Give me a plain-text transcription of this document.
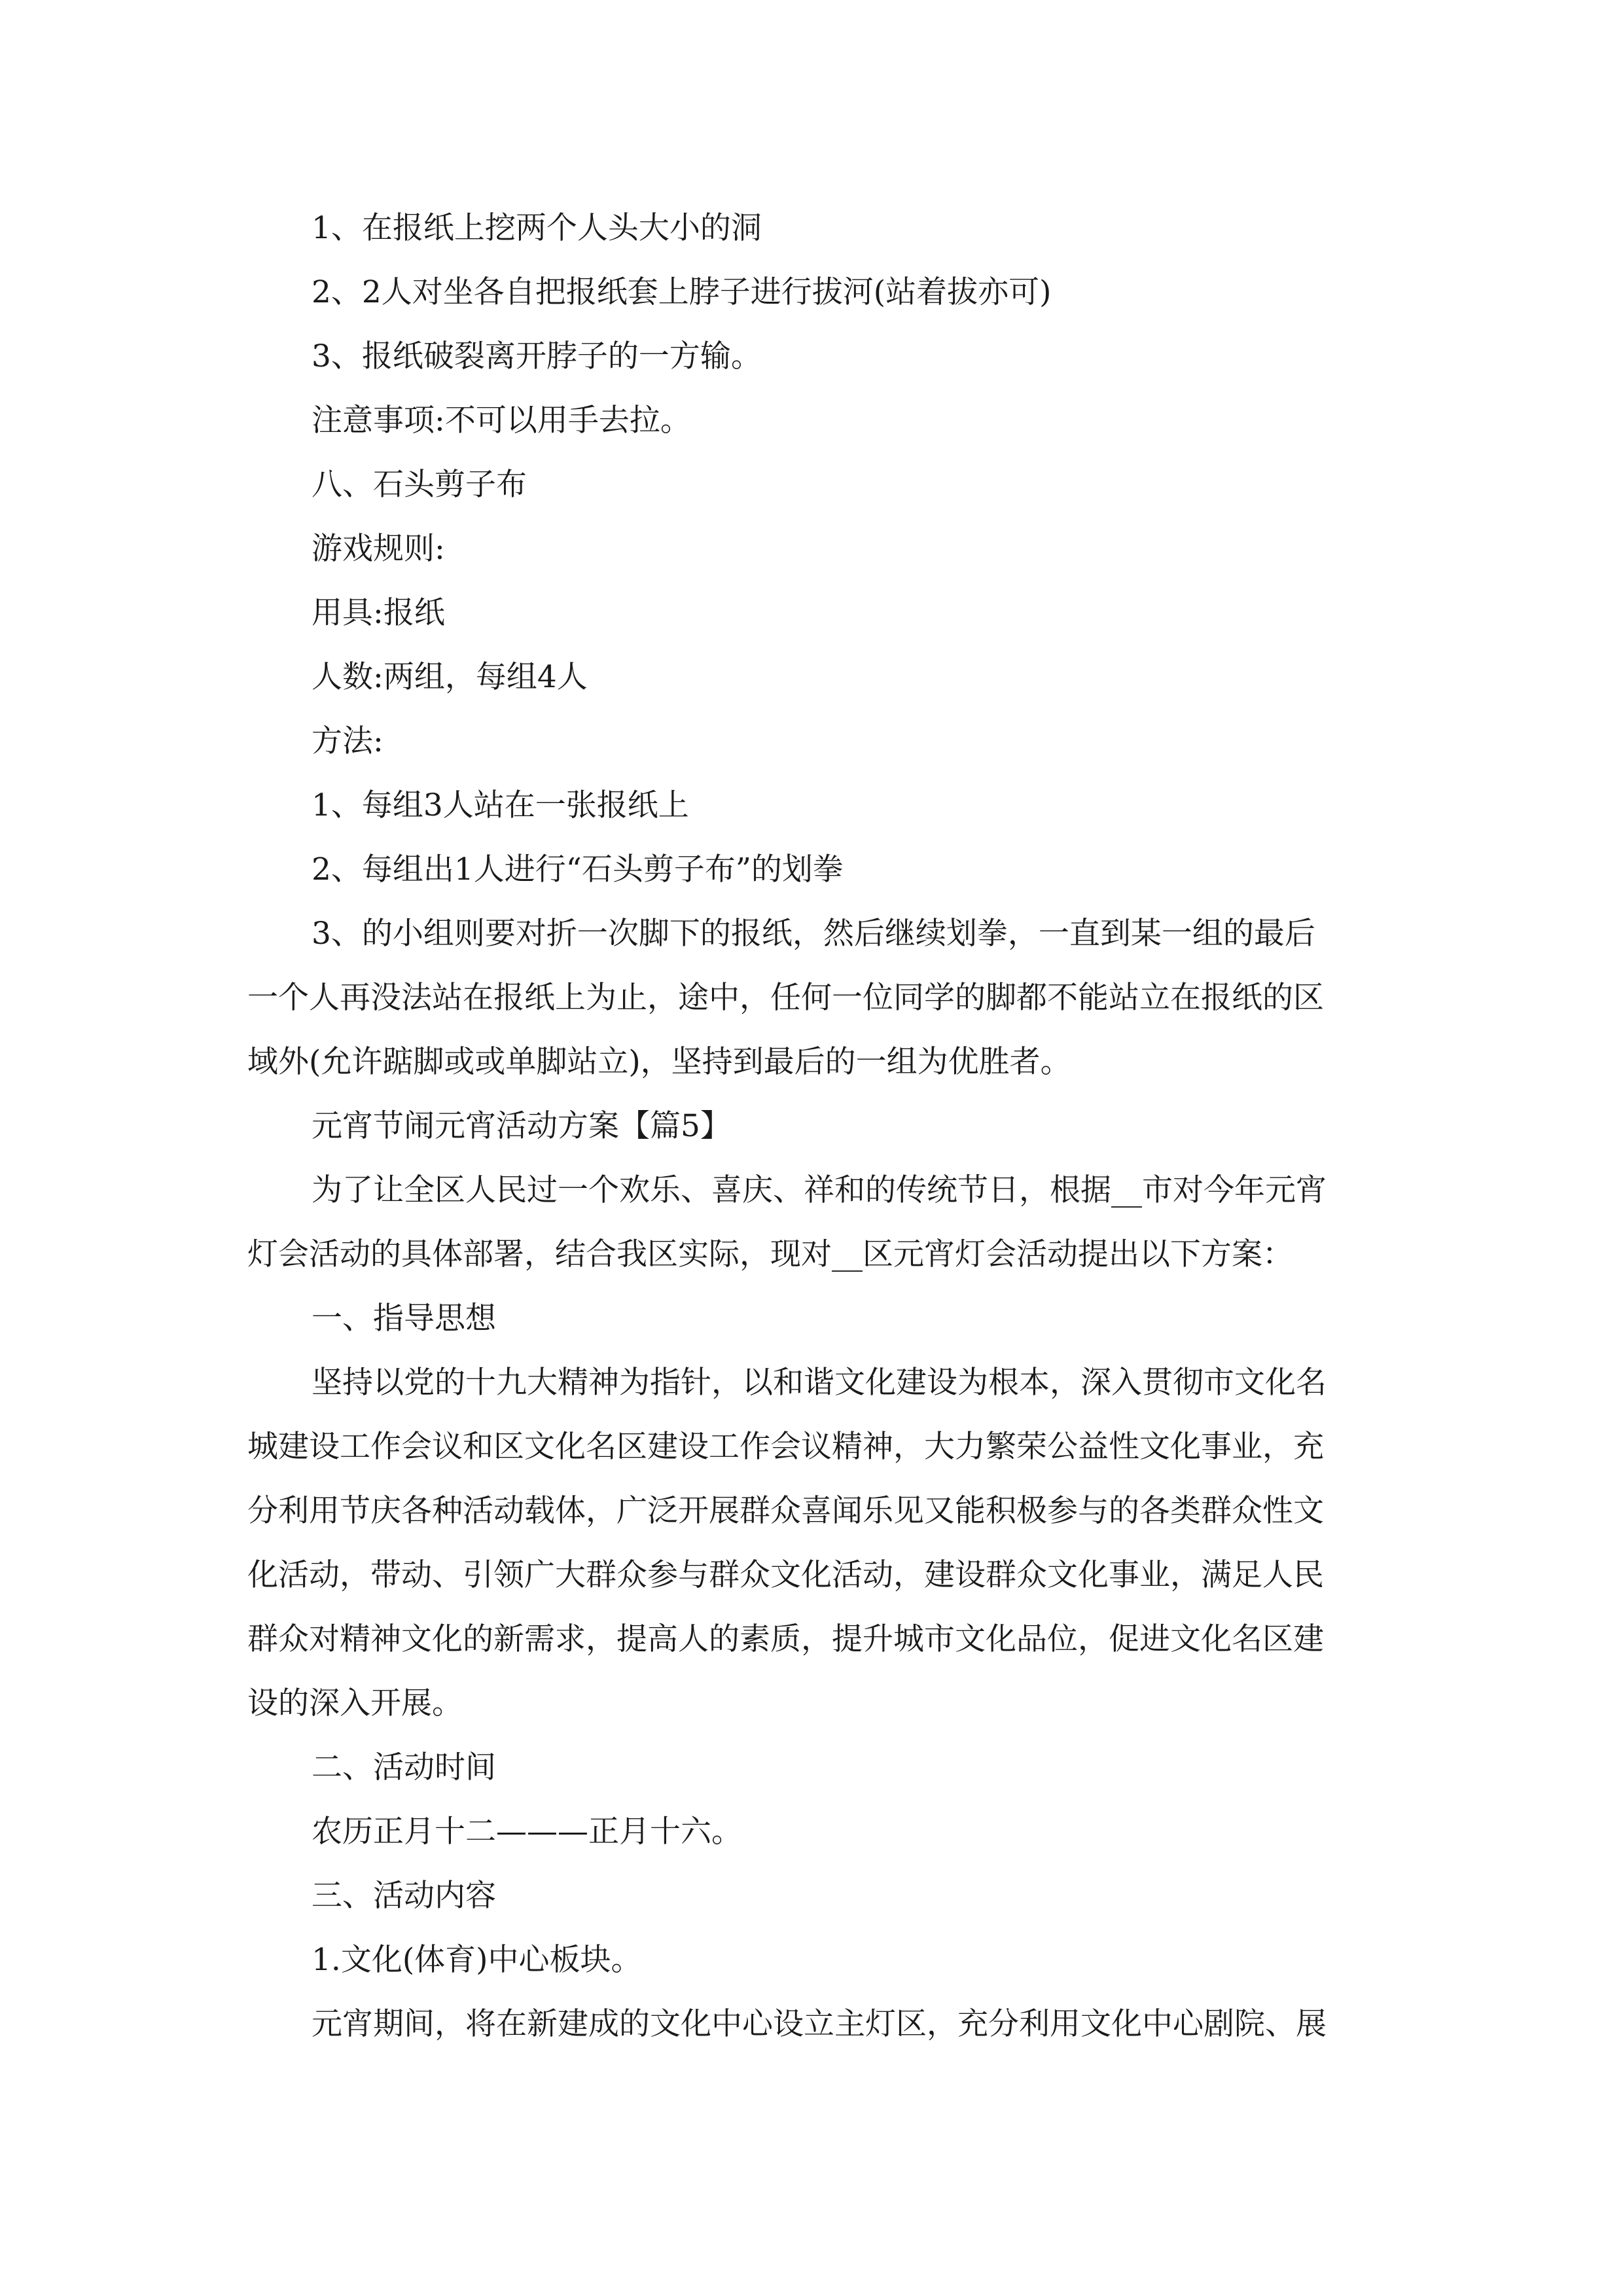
1、在报纸上挖两个人头大小的洞
2、2人对坐各自把报纸套上脖子进行拔河(站着拔亦可)
3、报纸破裂离开脖子的一方输。
注意事项:不可以用手去拉。
八、石头剪子布
游戏规则:
用具:报纸
人数:两组，每组4人
方法:
1、每组3人站在一张报纸上
2、每组出1人进行“石头剪子布”的划拳
3、的小组则要对折一次脚下的报纸，然后继续划拳，一直到某一组的最后
一个人再没法站在报纸上为止，途中，任何一位同学的脚都不能站立在报纸的区
域外(允许踮脚或或单脚站立)，坚持到最后的一组为优胜者。
元宵节闹元宵活动方案【篇5】
为了让全区人民过一个欢乐、喜庆、祥和的传统节日，根据__市对今年元宵
灯会活动的具体部署，结合我区实际，现对__区元宵灯会活动提出以下方案：
一、指导思想
坚持以党的十九大精神为指针，以和谐文化建设为根本，深入贯彻市文化名
城建设工作会议和区文化名区建设工作会议精神，大力繁荣公益性文化事业，充
分利用节庆各种活动载体，广泛开展群众喜闻乐见又能积极参与的各类群众性文
化活动，带动、引领广大群众参与群众文化活动，建设群众文化事业，满足人民
群众对精神文化的新需求，提高人的素质，提升城市文化品位，促进文化名区建
设的深入开展。
二、活动时间
农历正月十二———正月十六。
三、活动内容
1.文化(体育)中心板块。
元宵期间，将在新建成的文化中心设立主灯区，充分利用文化中心剧院、展
